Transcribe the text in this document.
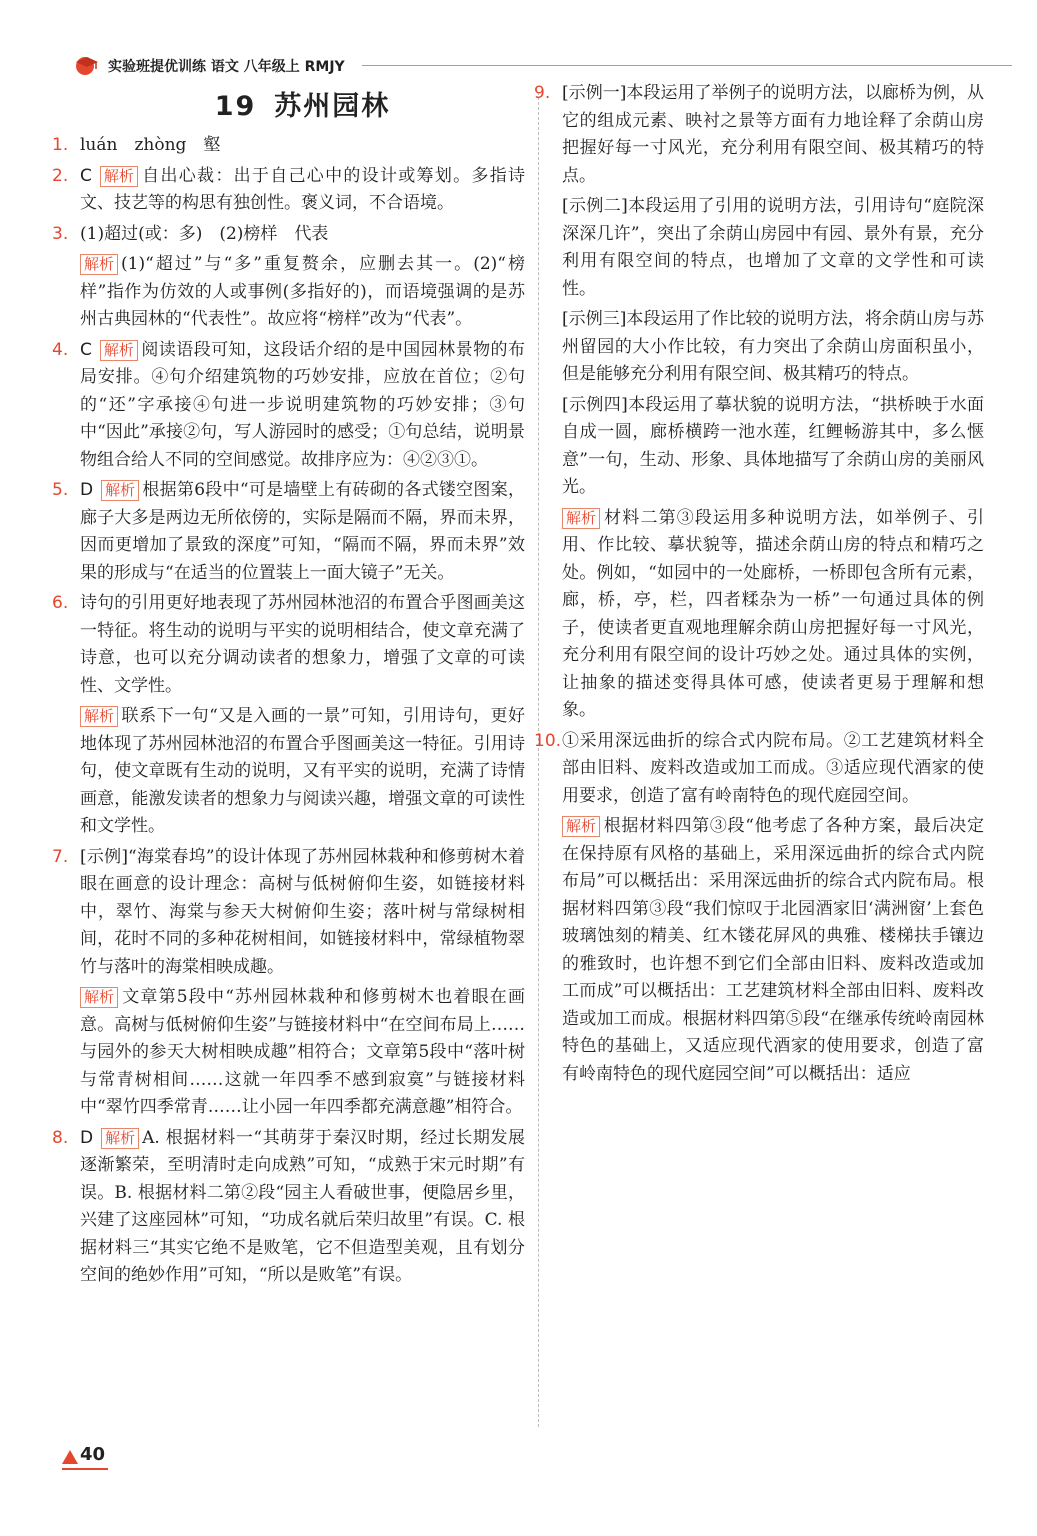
实验班提优训练 语文 八年级上 RMJY
19 苏州园林
1. luán　zhòng　壑
2. C 解析 自出心裁：出于自己心中的设计或筹划。多指诗文、技艺等的构思有独创性。褒义词，不合语境。
3. (1)超过(或：多)　(2)榜样　代表
解析 (1)“超过”与“多”重复赘余，应删去其一。(2)“榜样”指作为仿效的人或事例(多指好的)，而语境强调的是苏州古典园林的“代表性”。故应将“榜样”改为“代表”。
4. C 解析 阅读语段可知，这段话介绍的是中国园林景物的布局安排。④句介绍建筑物的巧妙安排，应放在首位；②句的“还”字承接④句进一步说明建筑物的巧妙安排；③句中“因此”承接②句，写人游园时的感受；①句总结，说明景物组合给人不同的空间感觉。故排序应为：④②③①。
5. D 解析 根据第6段中“可是墙壁上有砖砌的各式镂空图案，廊子大多是两边无所依傍的，实际是隔而不隔，界而未界，因而更增加了景致的深度”可知，“隔而不隔，界而未界”效果的形成与“在适当的位置装上一面大镜子”无关。
6. 诗句的引用更好地表现了苏州园林池沼的布置合乎图画美这一特征。将生动的说明与平实的说明相结合，使文章充满了诗意，也可以充分调动读者的想象力，增强了文章的可读性、文学性。
解析 联系下一句“又是入画的一景”可知，引用诗句，更好地体现了苏州园林池沼的布置合乎图画美这一特征。引用诗句，使文章既有生动的说明，又有平实的说明，充满了诗情画意，能激发读者的想象力与阅读兴趣，增强文章的可读性和文学性。
7. [示例]“海棠春坞”的设计体现了苏州园林栽种和修剪树木着眼在画意的设计理念：高树与低树俯仰生姿，如链接材料中，翠竹、海棠与参天大树俯仰生姿；落叶树与常绿树相间，花时不同的多种花树相间，如链接材料中，常绿植物翠竹与落叶的海棠相映成趣。
解析 文章第5段中“苏州园林栽种和修剪树木也着眼在画意。高树与低树俯仰生姿”与链接材料中“在空间布局上……与园外的参天大树相映成趣”相符合；文章第5段中“落叶树与常青树相间……这就一年四季不感到寂寞”与链接材料中“翠竹四季常青……让小园一年四季都充满意趣”相符合。
8. D 解析 A. 根据材料一“其萌芽于秦汉时期，经过长期发展逐渐繁荣，至明清时走向成熟”可知，“成熟于宋元时期”有误。B. 根据材料二第②段“园主人看破世事，便隐居乡里，兴建了这座园林”可知，“功成名就后荣归故里”有误。C. 根据材料三“其实它绝不是败笔，它不但造型美观，且有划分空间的绝妙作用”可知，“所以是败笔”有误。
9. [示例一]本段运用了举例子的说明方法，以廊桥为例，从它的组成元素、映衬之景等方面有力地诠释了余荫山房把握好每一寸风光，充分利用有限空间、极其精巧的特点。
[示例二]本段运用了引用的说明方法，引用诗句“庭院深深深几许”，突出了余荫山房园中有园、景外有景，充分利用有限空间的特点，也增加了文章的文学性和可读性。
[示例三]本段运用了作比较的说明方法，将余荫山房与苏州留园的大小作比较，有力突出了余荫山房面积虽小，但是能够充分利用有限空间、极其精巧的特点。
[示例四]本段运用了摹状貌的说明方法，“拱桥映于水面自成一圆，廊桥横跨一池水莲，红鲤畅游其中，多么惬意”一句，生动、形象、具体地描写了余荫山房的美丽风光。
解析 材料二第③段运用多种说明方法，如举例子、引用、作比较、摹状貌等，描述余荫山房的特点和精巧之处。例如，“如园中的一处廊桥，一桥即包含所有元素，廊，桥，亭，栏，四者糅杂为一桥”一句通过具体的例子，使读者更直观地理解余荫山房把握好每一寸风光，充分利用有限空间的设计巧妙之处。通过具体的实例，让抽象的描述变得具体可感，使读者更易于理解和想象。
10. ①采用深远曲折的综合式内院布局。②工艺建筑材料全部由旧料、废料改造或加工而成。③适应现代酒家的使用要求，创造了富有岭南特色的现代庭园空间。
解析 根据材料四第③段“他考虑了各种方案，最后决定在保持原有风格的基础上，采用深远曲折的综合式内院布局”可以概括出：采用深远曲折的综合式内院布局。根据材料四第③段“我们惊叹于北园酒家旧‘满洲窗’上套色玻璃蚀刻的精美、红木镂花屏风的典雅、楼梯扶手镶边的雅致时，也许想不到它们全部由旧料、废料改造或加工而成”可以概括出：工艺建筑材料全部由旧料、废料改造或加工而成。根据材料四第⑤段“在继承传统岭南园林特色的基础上，又适应现代酒家的使用要求，创造了富有岭南特色的现代庭园空间”可以概括出：适应
40
